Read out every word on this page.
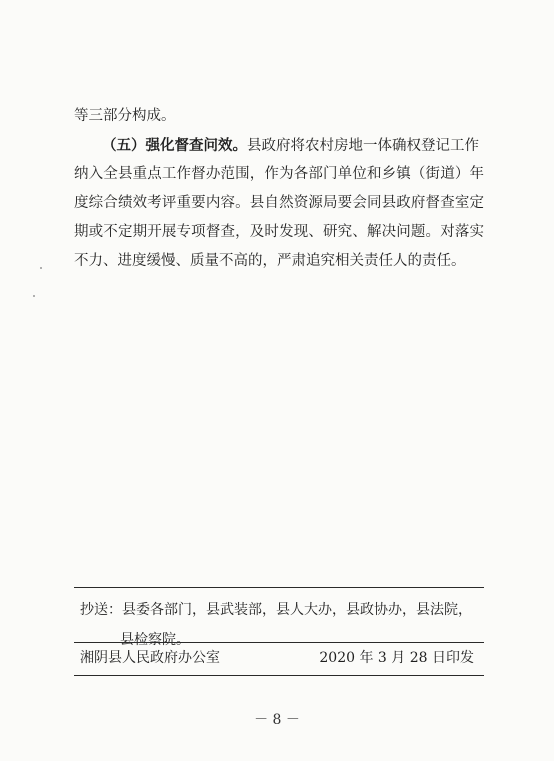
等三部分构成。
（五）强化督查问效。县政府将农村房地一体确权登记工作
纳入全县重点工作督办范围，作为各部门单位和乡镇（街道）年
度综合绩效考评重要内容。县自然资源局要会同县政府督查室定
期或不定期开展专项督查，及时发现、研究、解决问题。对落实
不力、进度缓慢、质量不高的，严肃追究相关责任人的责任。
抄送：县委各部门，县武装部，县人大办，县政协办，县法院，
县检察院。
湘阴县人民政府办公室	2020 年 3 月 28 日印发
－ 8 －
